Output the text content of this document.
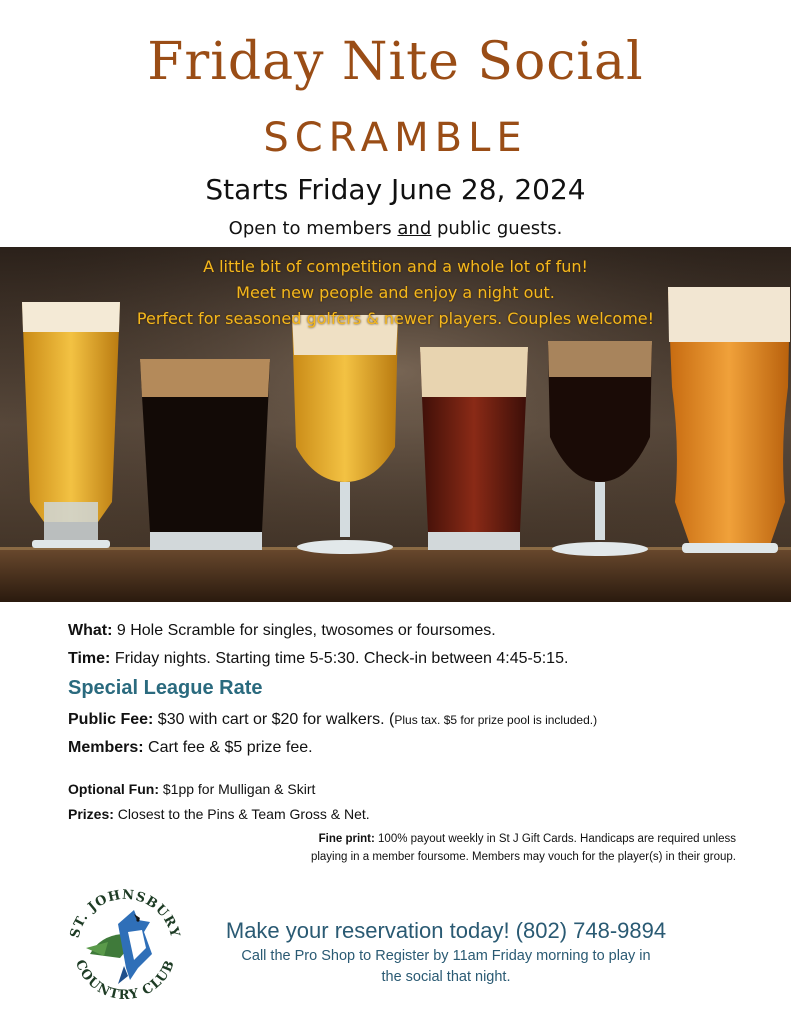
Friday Nite Social
SCRAMBLE
Starts Friday June 28, 2024
Open to members and public guests.
A little bit of competition and a whole lot of fun!
Meet new people and enjoy a night out.
Perfect for seasoned golfers & newer players. Couples welcome!
What: 9 Hole Scramble for singles, twosomes or foursomes.
Time: Friday nights. Starting time 5-5:30. Check-in between 4:45-5:15.
Special League Rate
Public Fee: $30 with cart or $20 for walkers. (Plus tax. $5 for prize pool is included.)
Members: Cart fee & $5 prize fee.
Optional Fun: $1pp for Mulligan & Skirt
Prizes: Closest to the Pins & Team Gross & Net.
Fine print: 100% payout weekly in St J Gift Cards. Handicaps are required unless
playing in a member foursome. Members may vouch for the player(s) in their group.
ST. JOHNSBURY
COUNTRY CLUB
Make your reservation today! (802) 748-9894
Call the Pro Shop to Register by 11am Friday morning to play in
the social that night.
